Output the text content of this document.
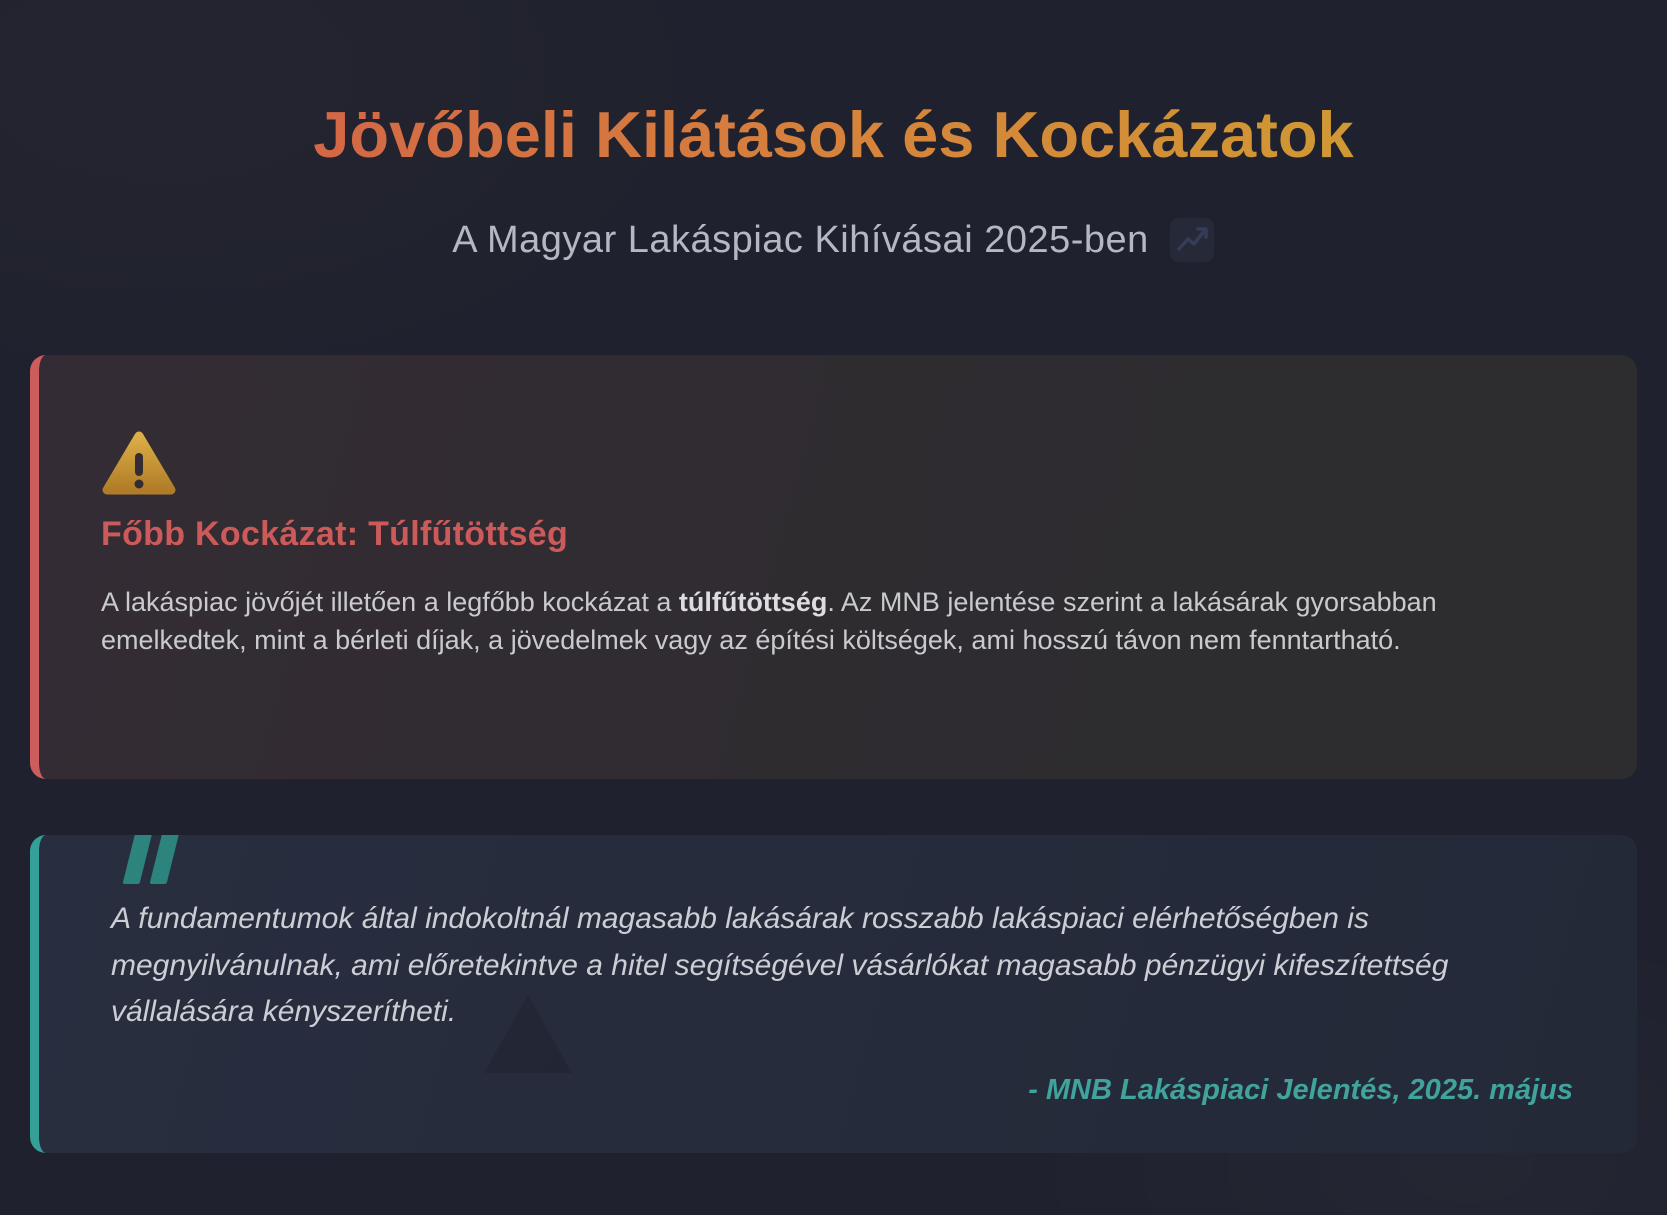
Jövőbeli Kilátások és Kockázatok
A Magyar Lakáspiac Kihívásai 2025-ben
Főbb Kockázat: Túlfűtöttség

A lakáspiac jövőjét illetően a legfőbb kockázat a túlfűtöttség. Az MNB jelentése szerint a lakásárak gyorsabban emelkedtek, mint a bérleti díjak, a jövedelmek vagy az építési költségek, ami hosszú távon nem fenntartható.

A fundamentumok által indokoltnál magasabb lakásárak rosszabb lakáspiaci elérhetőségben is megnyilvánulnak, ami előretekintve a hitel segítségével vásárlókat magasabb pénzügyi kifeszítettség vállalására kényszerítheti.

- MNB Lakáspiaci Jelentés, 2025. május
